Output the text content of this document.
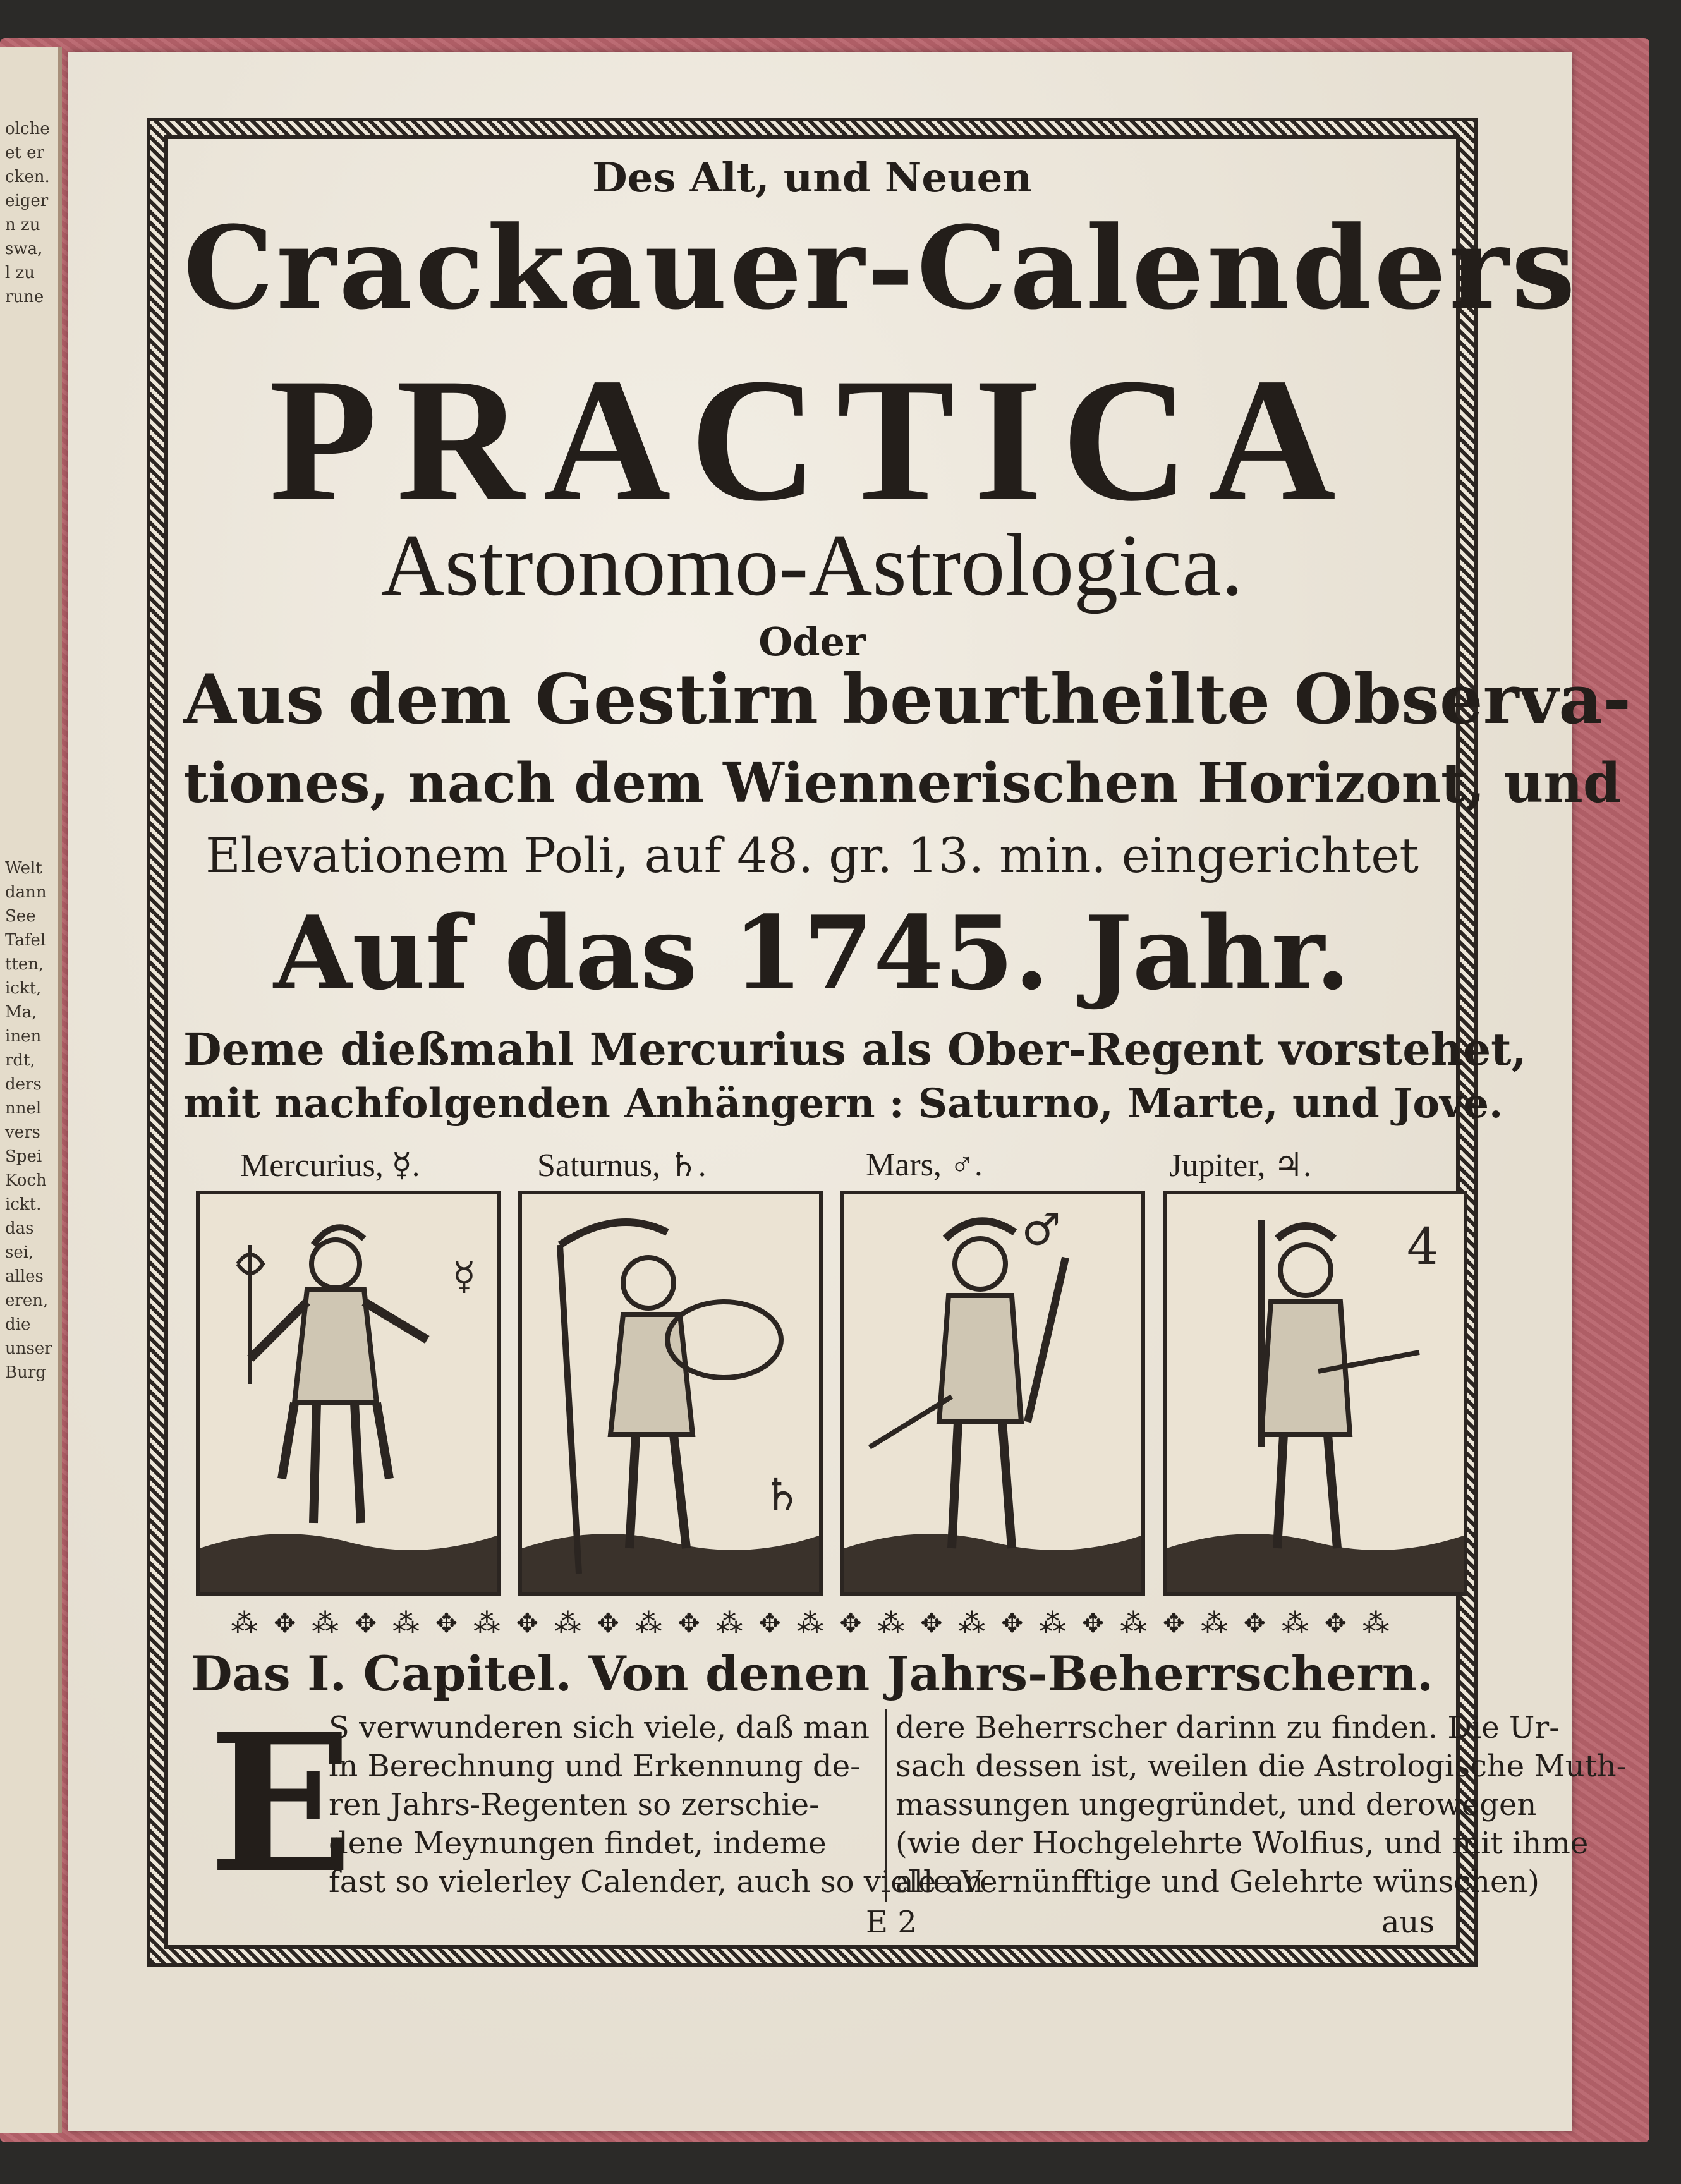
olche
et er
cken.
eiger
n zu
swa,
l zu
rune
Welt
dann
See
Tafel
tten,
ickt,
Ma,
inen
rdt,
ders
nnel
vers
Spei
Koch
ickt.
das
sei,
alles
eren,
die
unser
Burg
Des Alt, und Neuen
Crackauer-Calenders
PRACTICA
Astronomo-Astrologica.
Oder
Aus dem Gestirn beurtheilte Observa-
tiones, nach dem Wiennerischen Horizont, und
Elevationem Poli, auf 48. gr. 13. min. eingerichtet
Auf das 1745. Jahr.
Deme dießmahl Mercurius als Ober-Regent vorstehet,
mit nachfolgenden Anhängern : Saturno, Marte, und Jove.
Mercurius, ☿.	Saturnus, ♄.	Mars, ♂.	Jupiter, ♃.
☿
♄
♂	4
⁂ ✥ ⁂ ✥ ⁂ ✥ ⁂ ✥ ⁂ ✥ ⁂ ✥ ⁂ ✥ ⁂ ✥ ⁂ ✥ ⁂ ✥ ⁂ ✥ ⁂ ✥ ⁂ ✥ ⁂ ✥ ⁂
Das I. Capitel. Von denen Jahrs-Beherrschern.
E
S verwunderen sich viele, daß man
in Berechnung und Erkennung de-
ren Jahrs-Regenten so zerschie-
dene Meynungen findet, indeme
fast so vielerley Calender, auch so viele an-
dere Beherrscher darinn zu finden. Die Ur-
sach dessen ist, weilen die Astrologische Muth-
massungen ungegründet, und derowegen
(wie der Hochgelehrte Wolfius, und mit ihme
alle Vernünfftige und Gelehrte wünschen)
E 2	aus
